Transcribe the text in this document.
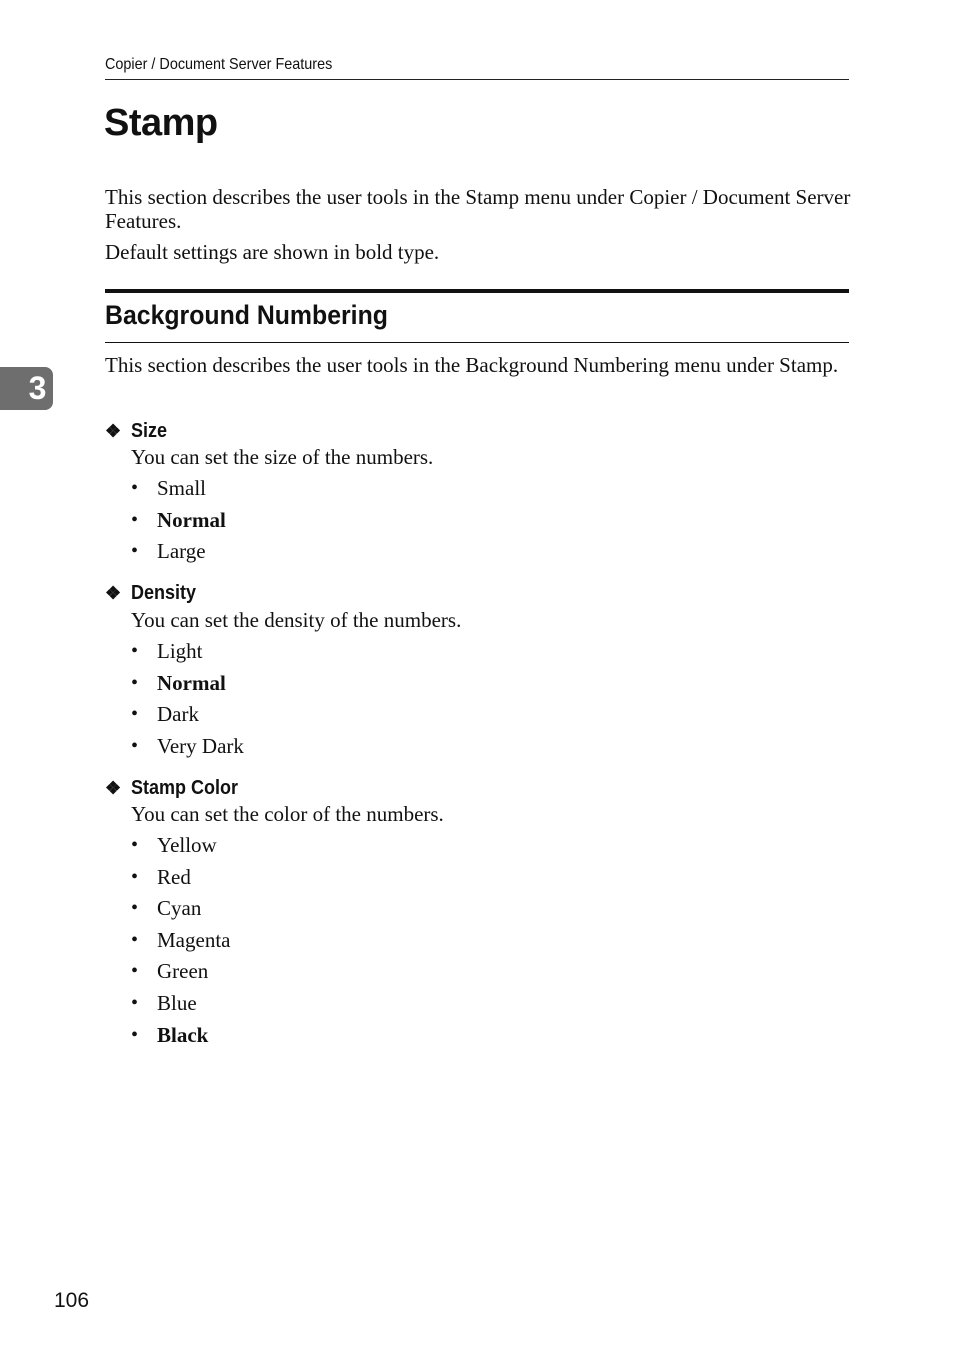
Copier / Document Server Features
Stamp
This section describes the user tools in the Stamp menu under Copier / Document Server Features.
Default settings are shown in bold type.
Background Numbering
This section describes the user tools in the Background Numbering menu under Stamp.
3
❖ Size
You can set the size of the numbers.
• Small
• Normal
• Large
❖ Density
You can set the density of the numbers.
• Light
• Normal
• Dark
• Very Dark
❖ Stamp Color
You can set the color of the numbers.
• Yellow
• Red
• Cyan
• Magenta
• Green
• Blue
• Black
106
